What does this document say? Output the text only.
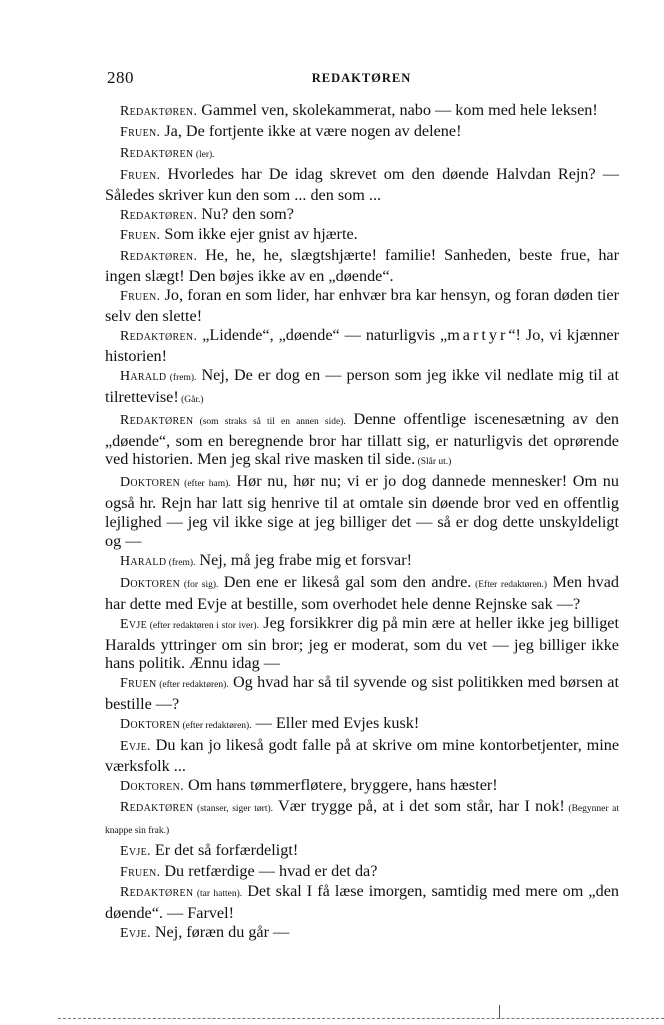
280	REDAKTØREN

Redaktøren. Gammel ven, skolekammerat, nabo — kom med hele leksen!

Fruen. Ja, De fortjente ikke at være nogen av delene!

Redaktøren (ler).

Fruen. Hvorledes har De idag skrevet om den døende Halvdan Rejn? — Således skriver kun den som ... den som ...

Redaktøren. Nu? den som?

Fruen. Som ikke ejer gnist av hjærte.

Redaktøren. He, he, he, slægtshjærte! familie! Sanheden, beste frue, har ingen slægt! Den bøjes ikke av en „døende“.

Fruen. Jo, foran en som lider, har enhvær bra kar hensyn, og foran døden tier selv den slette!

Redaktøren. „Lidende“, „døende“ — naturligvis „martyr“! Jo, vi kjænner historien!

Harald (frem). Nej, De er dog en — person som jeg ikke vil nedlate mig til at tilrettevise! (Går.)

Redaktøren (som straks så til en annen side). Denne offentlige iscenesætning av den „døende“, som en beregnende bror har tillatt sig, er naturligvis det oprørende ved historien. Men jeg skal rive masken til side. (Slår ut.)

Doktoren (efter ham). Hør nu, hør nu; vi er jo dog dannede mennesker! Om nu også hr. Rejn har latt sig henrive til at omtale sin døende bror ved en offentlig lejlighed — jeg vil ikke sige at jeg billiger det — så er dog dette unskyldeligt og —

Harald (frem). Nej, må jeg frabe mig et forsvar!

Doktoren (for sig). Den ene er likeså gal som den andre. (Efter redaktøren.) Men hvad har dette med Evje at bestille, som overhodet hele denne Rejnske sak —?

Evje (efter redaktøren i stor iver). Jeg forsikkrer dig på min ære at heller ikke jeg billiget Haralds yttringer om sin bror; jeg er moderat, som du vet — jeg billiger ikke hans politik. Ænnu idag —

Fruen (efter redaktøren). Og hvad har så til syvende og sist politikken med børsen at bestille —?

Doktoren (efter redaktøren). — Eller med Evjes kusk!

Evje. Du kan jo likeså godt falle på at skrive om mine kontorbetjenter, mine værksfolk ...

Doktoren. Om hans tømmerfløtere, bryggere, hans hæster!

Redaktøren (stanser, siger tørt). Vær trygge på, at i det som står, har I nok! (Begynner at knappe sin frak.)

Evje. Er det så forfærdeligt!

Fruen. Du retfærdige — hvad er det da?

Redaktøren (tar hatten). Det skal I få læse imorgen, samtidig med mere om „den døende“. — Farvel!

Evje. Nej, føræn du går —
